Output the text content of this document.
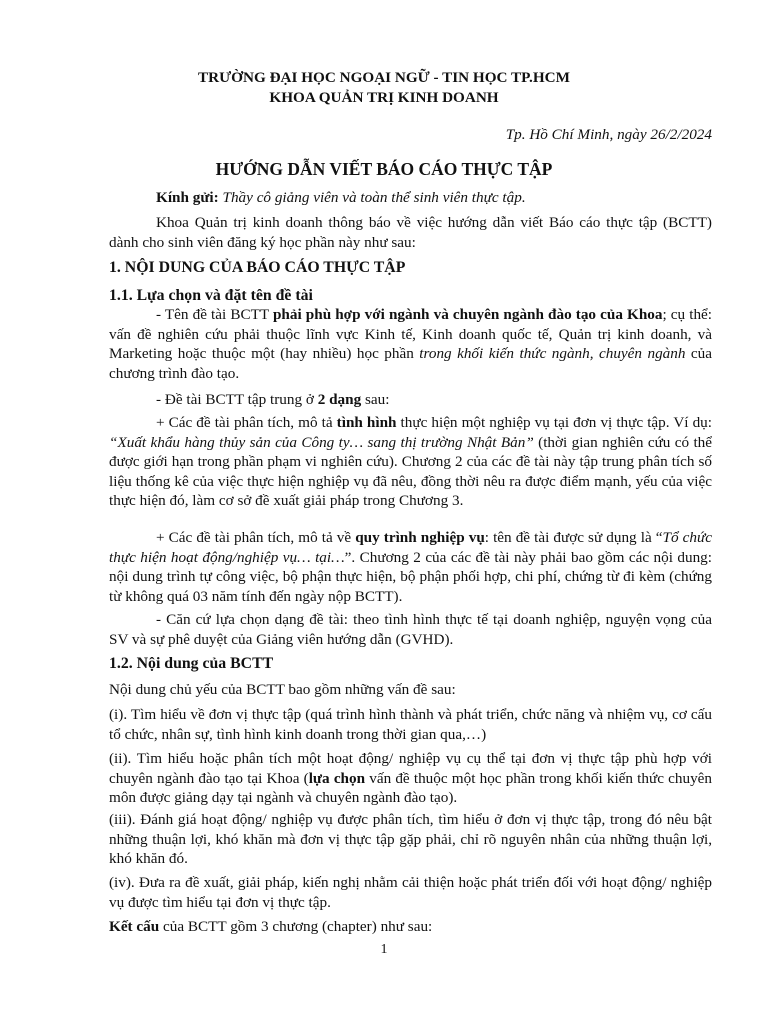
TRƯỜNG ĐẠI HỌC NGOẠI NGỮ - TIN HỌC TP.HCM

KHOA QUẢN TRỊ KINH DOANH

Tp. Hồ Chí Minh, ngày 26/2/2024

HƯỚNG DẪN VIẾT BÁO CÁO THỰC TẬP

Kính gửi: Thầy cô giảng viên và toàn thể sinh viên thực tập.

Khoa Quản trị kinh doanh thông báo về việc hướng dẫn viết Báo cáo thực tập (BCTT) dành cho sinh viên đăng ký học phần này như sau:

1. NỘI DUNG CỦA BÁO CÁO THỰC TẬP

1.1. Lựa chọn và đặt tên đề tài

- Tên đề tài BCTT phải phù hợp với ngành và chuyên ngành đào tạo của Khoa; cụ thể: vấn đề nghiên cứu phải thuộc lĩnh vực Kinh tế, Kinh doanh quốc tế, Quản trị kinh doanh, và Marketing hoặc thuộc một (hay nhiều) học phần trong khối kiến thức ngành, chuyên ngành của chương trình đào tạo.

- Đề tài BCTT tập trung ở 2 dạng sau:

+ Các đề tài phân tích, mô tả tình hình thực hiện một nghiệp vụ tại đơn vị thực tập. Ví dụ: “Xuất khẩu hàng thủy sản của Công ty… sang thị trường Nhật Bản” (thời gian nghiên cứu có thể được giới hạn trong phần phạm vi nghiên cứu). Chương 2 của các đề tài này tập trung phân tích số liệu thống kê của việc thực hiện nghiệp vụ đã nêu, đồng thời nêu ra được điểm mạnh, yếu của việc thực hiện đó, làm cơ sở đề xuất giải pháp trong Chương 3.

+ Các đề tài phân tích, mô tả về quy trình nghiệp vụ: tên đề tài được sử dụng là “Tổ chức thực hiện hoạt động/nghiệp vụ… tại…”. Chương 2 của các đề tài này phải bao gồm các nội dung: nội dung trình tự công việc, bộ phận thực hiện, bộ phận phối hợp, chi phí, chứng từ đi kèm (chứng từ không quá 03 năm tính đến ngày nộp BCTT).

- Căn cứ lựa chọn dạng đề tài: theo tình hình thực tế tại doanh nghiệp, nguyện vọng của SV và sự phê duyệt của Giảng viên hướng dẫn (GVHD).

1.2. Nội dung của BCTT

Nội dung chủ yếu của BCTT bao gồm những vấn đề sau:

(i). Tìm hiểu về đơn vị thực tập (quá trình hình thành và phát triển, chức năng và nhiệm vụ, cơ cấu tổ chức, nhân sự, tình hình kinh doanh trong thời gian qua,…)

(ii). Tìm hiểu hoặc phân tích một hoạt động/ nghiệp vụ cụ thể tại đơn vị thực tập phù hợp với chuyên ngành đào tạo tại Khoa (lựa chọn vấn đề thuộc một học phần trong khối kiến thức chuyên môn được giảng dạy tại ngành và chuyên ngành đào tạo).

(iii). Đánh giá hoạt động/ nghiệp vụ được phân tích, tìm hiểu ở đơn vị thực tập, trong đó nêu bật những thuận lợi, khó khăn mà đơn vị thực tập gặp phải, chỉ rõ nguyên nhân của những thuận lợi, khó khăn đó.

(iv). Đưa ra đề xuất, giải pháp, kiến nghị nhằm cải thiện hoặc phát triển đối với hoạt động/ nghiệp vụ được tìm hiểu tại đơn vị thực tập.

Kết cấu của BCTT gồm 3 chương (chapter) như sau:

1
